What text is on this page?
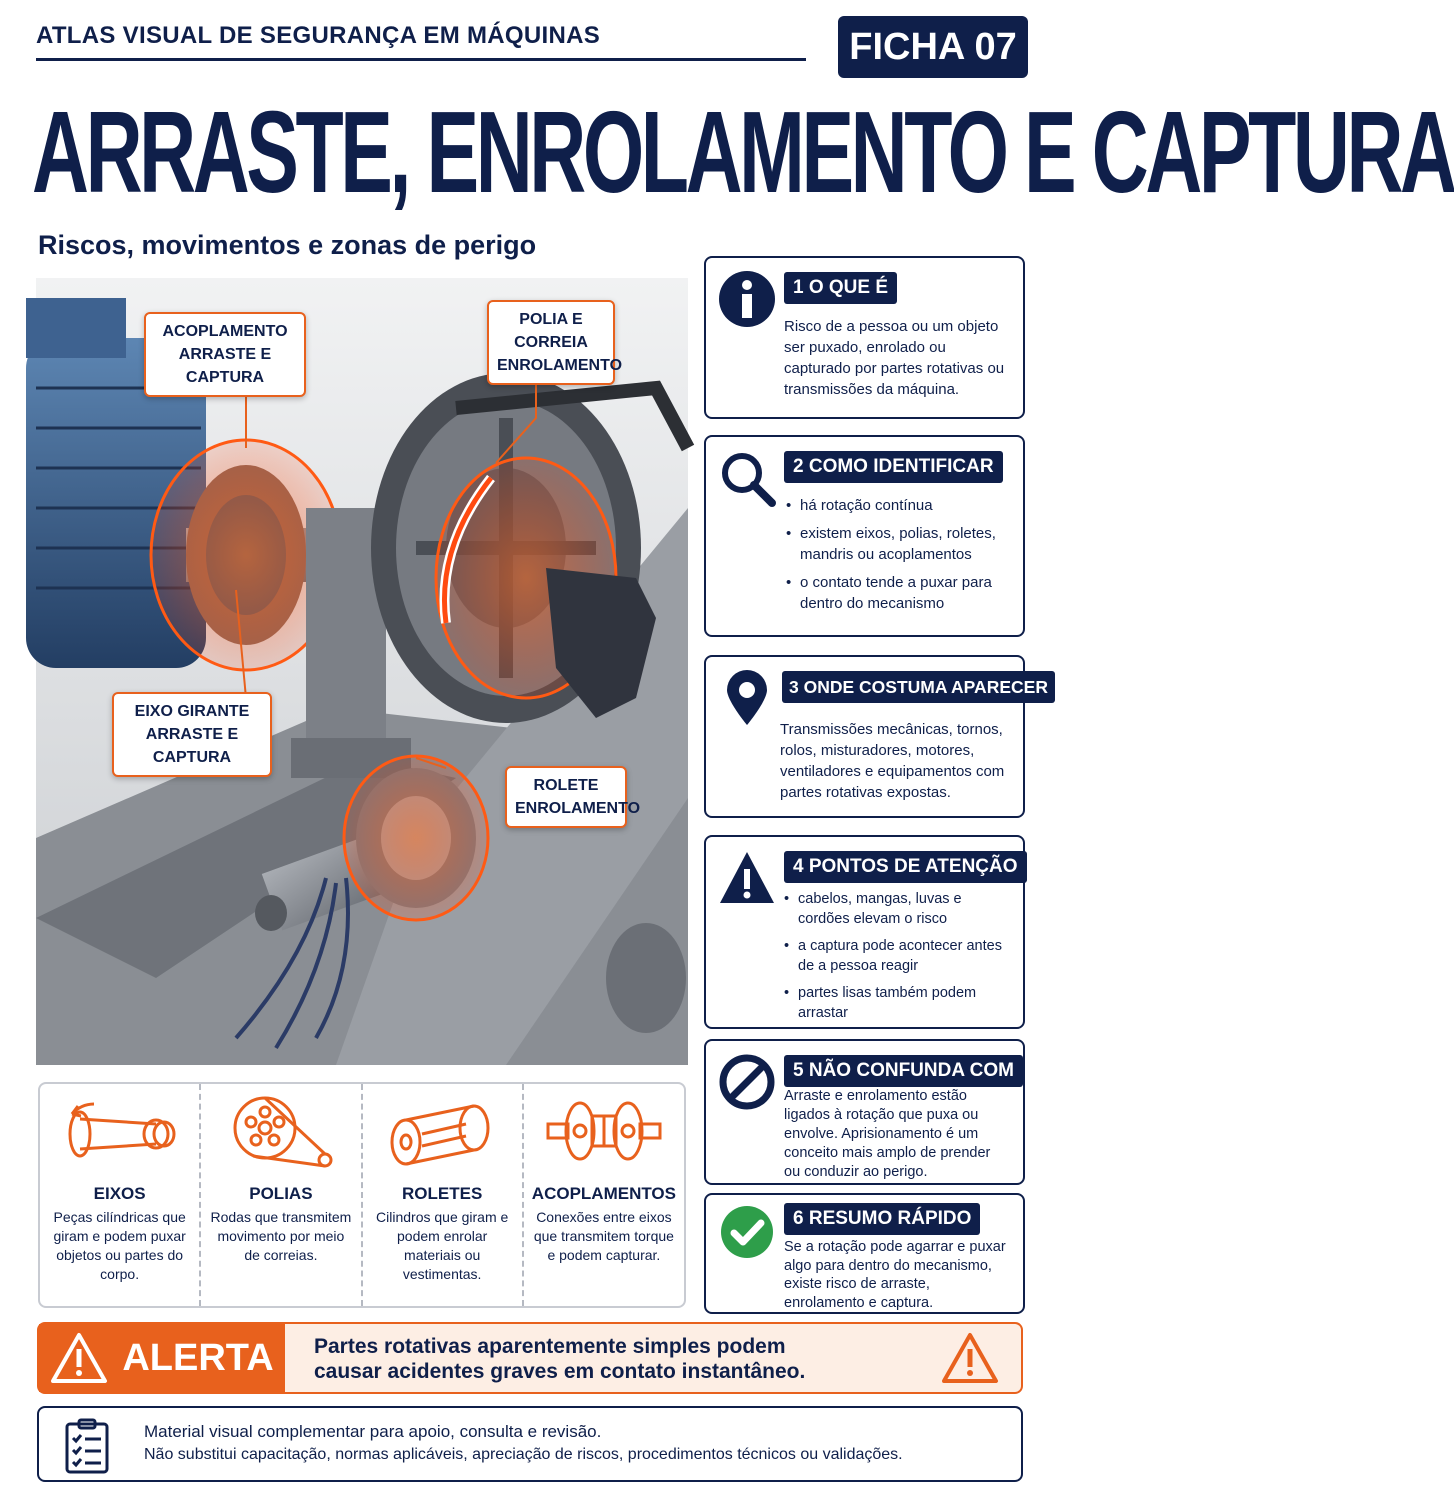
ATLAS VISUAL DE SEGURANÇA EM MÁQUINAS	FICHA 07
ARRASTE, ENROLAMENTO E CAPTURA
Riscos, movimentos e zonas de perigo
ACOPLAMENTO
ARRASTE E CAPTURA
POLIA E CORREIA
ENROLAMENTO
EIXO GIRANTE
ARRASTE E CAPTURA
ROLETE
ENROLAMENTO
1 O QUE É
Risco de a pessoa ou um objeto ser puxado, enrolado ou capturado por partes rotativas ou transmissões da máquina.
2 COMO IDENTIFICAR
• há rotação contínua
• existem eixos, polias, roletes, mandris ou acoplamentos
• o contato tende a puxar para dentro do mecanismo
3 ONDE COSTUMA APARECER
Transmissões mecânicas, tornos, rolos, misturadores, motores, ventiladores e equipamentos com partes rotativas expostas.
4 PONTOS DE ATENÇÃO
• cabelos, mangas, luvas e cordões elevam o risco
• a captura pode acontecer antes de a pessoa reagir
• partes lisas também podem arrastar
5 NÃO CONFUNDA COM
Arraste e enrolamento estão ligados à rotação que puxa ou envolve. Aprisionamento é um conceito mais amplo de prender ou conduzir ao perigo.
6 RESUMO RÁPIDO
Se a rotação pode agarrar e puxar algo para dentro do mecanismo, existe risco de arraste, enrolamento e captura.
EIXOS
Peças cilíndricas que giram e podem puxar objetos ou partes do corpo.
POLIAS
Rodas que transmitem movimento por meio de correias.
ROLETES
Cilindros que giram e podem enrolar materiais ou vestimentas.
ACOPLAMENTOS
Conexões entre eixos que transmitem torque e podem capturar.
ALERTA Partes rotativas aparentemente simples podem
causar acidentes graves em contato instantâneo.
Material visual complementar para apoio, consulta e revisão.
Não substitui capacitação, normas aplicáveis, apreciação de riscos, procedimentos técnicos ou validações.
